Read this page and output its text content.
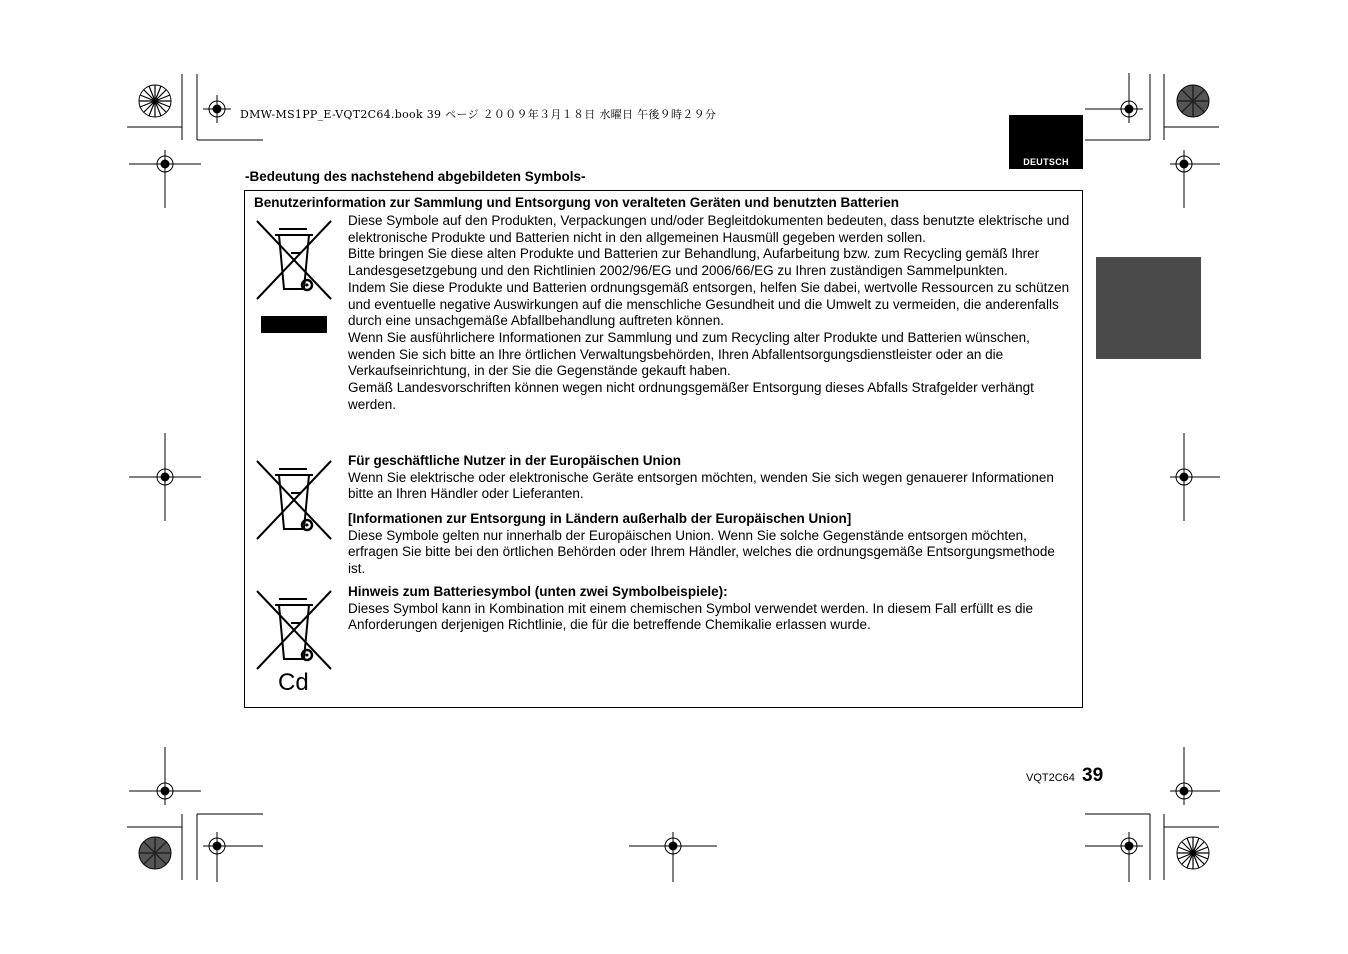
DMW-MS1PP_E-VQT2C64.book 39 ページ ２００９年３月１８日 水曜日 午後９時２９分
DEUTSCH
-Bedeutung des nachstehend abgebildeten Symbols-
Benutzerinformation zur Sammlung und Entsorgung von veralteten Geräten und benutzten Batterien
Cd

Diese Symbole auf den Produkten, Verpackungen und/oder Begleitdokumenten bedeuten, dass benutzte elektrische und elektronische Produkte und Batterien nicht in den allgemeinen Hausmüll gegeben werden sollen.

Bitte bringen Sie diese alten Produkte und Batterien zur Behandlung, Aufarbeitung bzw. zum Recycling gemäß Ihrer Landesgesetzgebung und den Richtlinien 2002/96/EG und 2006/66/EG zu Ihren zuständigen Sammelpunkten.

Indem Sie diese Produkte und Batterien ordnungsgemäß entsorgen, helfen Sie dabei, wertvolle Ressourcen zu schützen und eventuelle negative Auswirkungen auf die menschliche Gesundheit und die Umwelt zu vermeiden, die anderenfalls durch eine unsachgemäße Abfallbehandlung auftreten können.

Wenn Sie ausführlichere Informationen zur Sammlung und zum Recycling alter Produkte und Batterien wünschen, wenden Sie sich bitte an Ihre örtlichen Verwaltungsbehörden, Ihren Abfallentsorgungsdienstleister oder an die Verkaufseinrichtung, in der Sie die Gegenstände gekauft haben.

Gemäß Landesvorschriften können wegen nicht ordnungsgemäßer Entsorgung dieses Abfalls Strafgelder verhängt werden.

Für geschäftliche Nutzer in der Europäischen Union

Wenn Sie elektrische oder elektronische Geräte entsorgen möchten, wenden Sie sich wegen genauerer Informationen bitte an Ihren Händler oder Lieferanten.

[Informationen zur Entsorgung in Ländern außerhalb der Europäischen Union]

Diese Symbole gelten nur innerhalb der Europäischen Union. Wenn Sie solche Gegenstände entsorgen möchten, erfragen Sie bitte bei den örtlichen Behörden oder Ihrem Händler, welches die ordnungsgemäße Entsorgungsmethode ist.

Hinweis zum Batteriesymbol (unten zwei Symbolbeispiele):

Dieses Symbol kann in Kombination mit einem chemischen Symbol verwendet werden. In diesem Fall erfüllt es die Anforderungen derjenigen Richtlinie, die für die betreffende Chemikalie erlassen wurde.

VQT2C64 39
